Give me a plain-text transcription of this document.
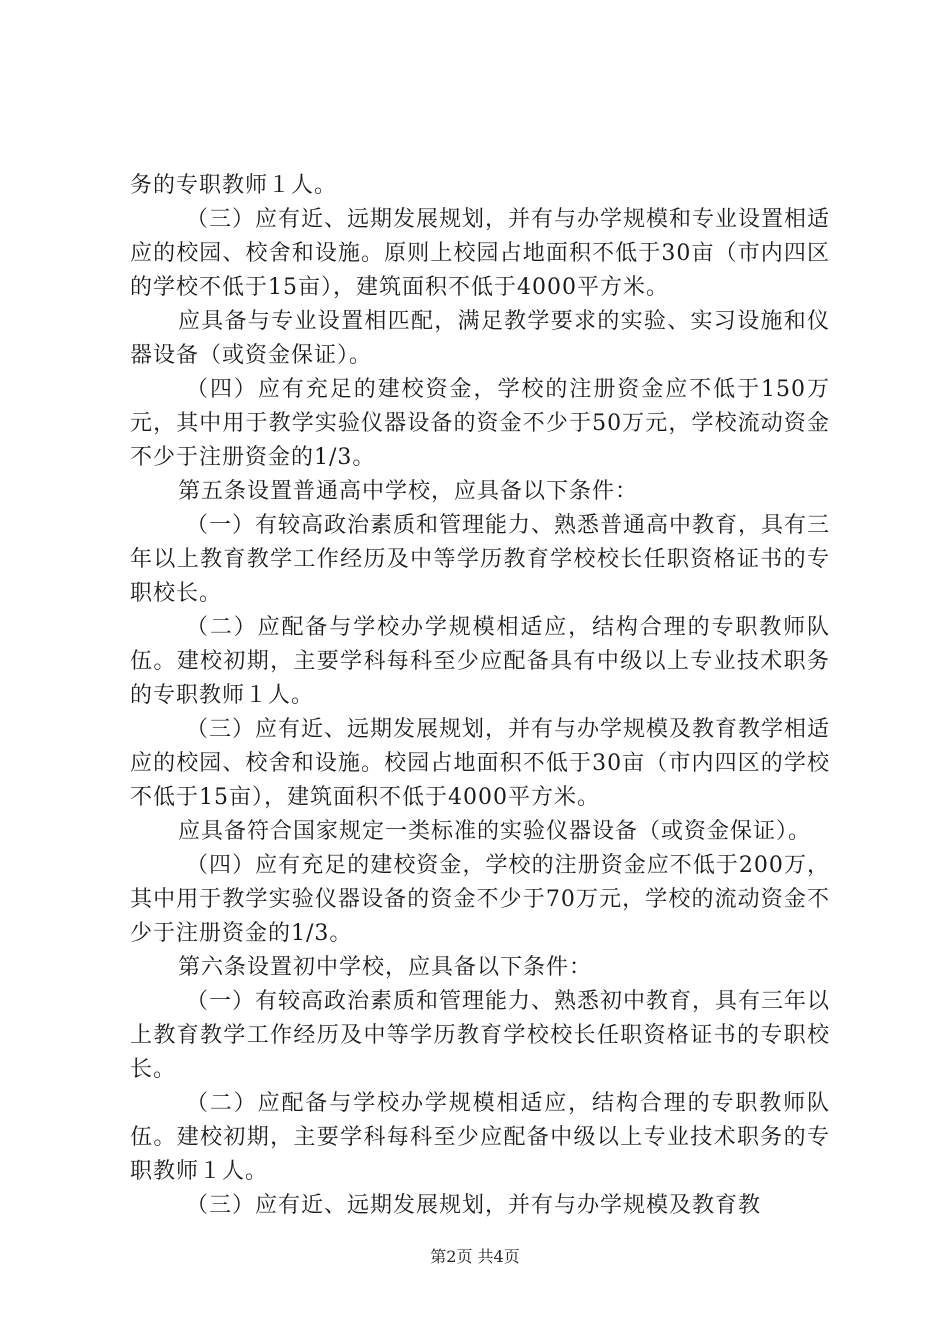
务的专职教师１人。

（三）应有近、远期发展规划，并有与办学规模和专业设置相适应的校园、校舍和设施。原则上校园占地面积不低于30亩（市内四区的学校不低于15亩），建筑面积不低于4000平方米。

应具备与专业设置相匹配，满足教学要求的实验、实习设施和仪器设备（或资金保证）。

（四）应有充足的建校资金，学校的注册资金应不低于150万元，其中用于教学实验仪器设备的资金不少于50万元，学校流动资金不少于注册资金的1/3。

第五条设置普通高中学校，应具备以下条件：

（一）有较高政治素质和管理能力、熟悉普通高中教育，具有三年以上教育教学工作经历及中等学历教育学校校长任职资格证书的专职校长。

（二）应配备与学校办学规模相适应，结构合理的专职教师队伍。建校初期，主要学科每科至少应配备具有中级以上专业技术职务的专职教师１人。

（三）应有近、远期发展规划，并有与办学规模及教育教学相适应的校园、校舍和设施。校园占地面积不低于30亩（市内四区的学校不低于15亩），建筑面积不低于4000平方米。

应具备符合国家规定一类标准的实验仪器设备（或资金保证）。

（四）应有充足的建校资金，学校的注册资金应不低于200万，其中用于教学实验仪器设备的资金不少于70万元，学校的流动资金不少于注册资金的1/3。

第六条设置初中学校，应具备以下条件：

（一）有较高政治素质和管理能力、熟悉初中教育，具有三年以上教育教学工作经历及中等学历教育学校校长任职资格证书的专职校长。

（二）应配备与学校办学规模相适应，结构合理的专职教师队伍。建校初期，主要学科每科至少应配备中级以上专业技术职务的专职教师１人。

（三）应有近、远期发展规划，并有与办学规模及教育教

第2页 共4页
